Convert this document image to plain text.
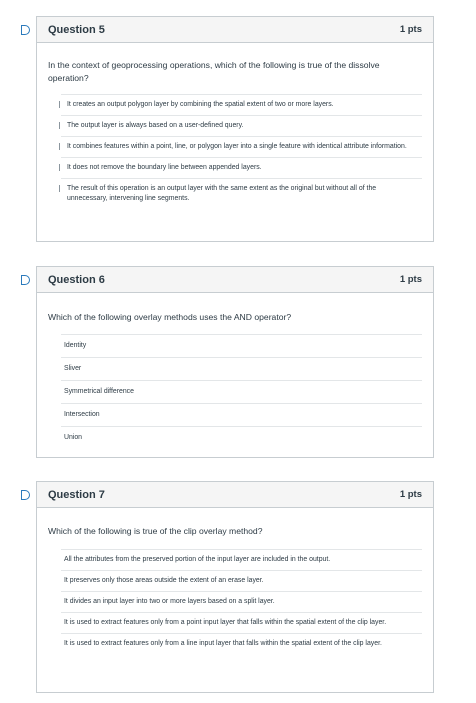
Question 5	1 pts
In the context of geoprocessing operations, which of the following is true of the dissolve operation?
It creates an output polygon layer by combining the spatial extent of two or more layers.
The output layer is always based on a user-defined query.
It combines features within a point, line, or polygon layer into a single feature with identical attribute information.
It does not remove the boundary line between appended layers.
The result of this operation is an output layer with the same extent as the original but without all of the unnecessary, intervening line segments.
Question 6	1 pts
Which of the following overlay methods uses the AND operator?
Identity
Sliver
Symmetrical difference
Intersection
Union
Question 7	1 pts
Which of the following is true of the clip overlay method?
All the attributes from the preserved portion of the input layer are included in the output.
It preserves only those areas outside the extent of an erase layer.
It divides an input layer into two or more layers based on a split layer.
It is used to extract features only from a point input layer that falls within the spatial extent of the clip layer.
It is used to extract features only from a line input layer that falls within the spatial extent of the clip layer.
